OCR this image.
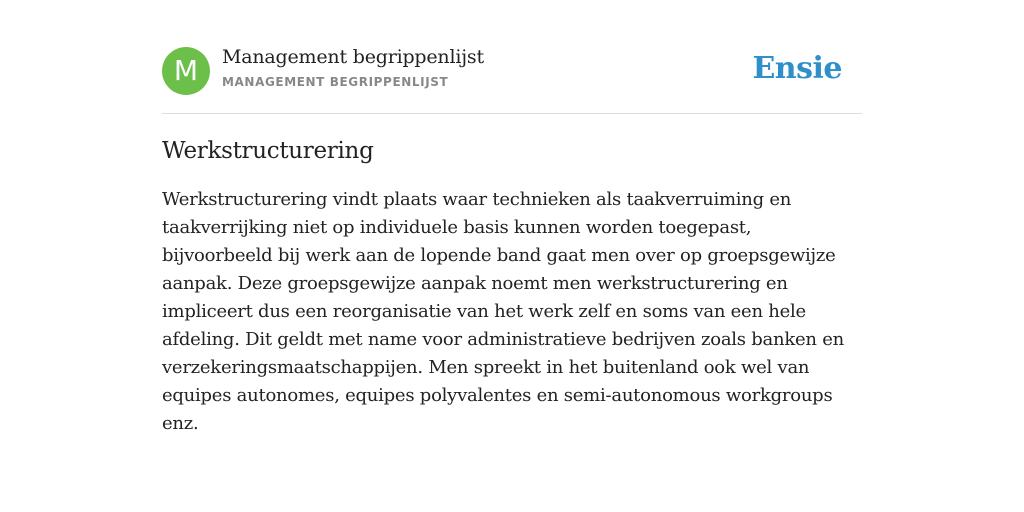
M	Management begrippenlijst
MANAGEMENT BEGRIPPENLIJST	Ensie
Werkstructurering

Werkstructurering vindt plaats waar technieken als taakverruiming en taakverrijking niet op individuele basis kunnen worden toegepast, bijvoorbeeld bij werk aan de lopende band gaat men over op groepsgewijze aanpak. Deze groepsgewijze aanpak noemt men werkstructurering en impliceert dus een reorganisatie van het werk zelf en soms van een hele afdeling. Dit geldt met name voor administratieve bedrijven zoals banken en verzekeringsmaatschappijen. Men spreekt in het buitenland ook wel van equipes autonomes, equipes polyvalentes en semi-autonomous workgroups enz.
